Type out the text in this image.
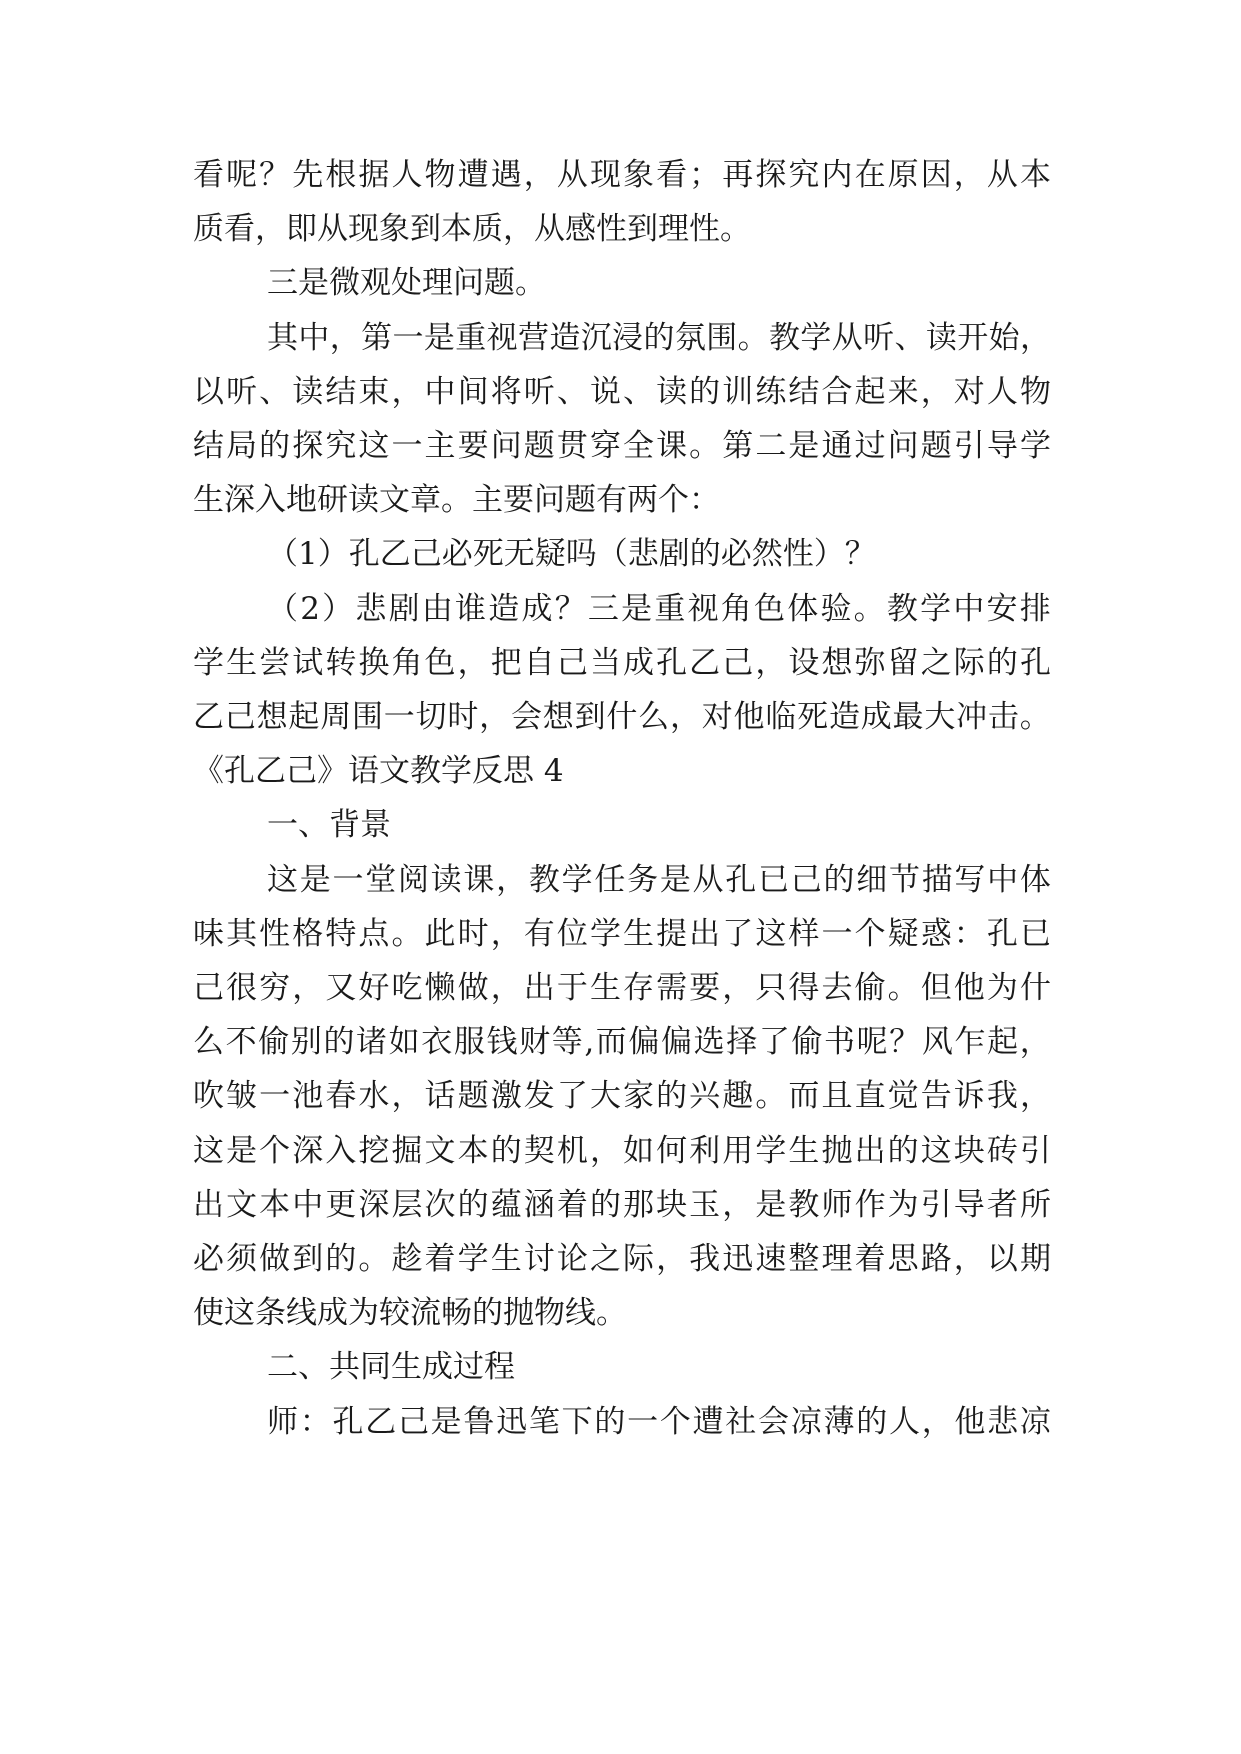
看 呢 ？ 先 根 据 人 物 遭 遇 ， 从 现 象 看 ； 再 探 究 内 在 原 因 ， 从 本
质看，即从现象到本质，从感性到理性。
三是微观处理问题。
其 中 ， 第 一 是 重 视 营 造 沉 浸 的 氛 围 。 教 学 从 听 、 读 开 始 ，
以 听 、 读 结 束 ， 中 间 将 听 、 说 、 读 的 训 练 结 合 起 来 ， 对 人 物
结 局 的 探 究 这 一 主 要 问 题 贯 穿 全 课 。 第 二 是 通 过 问 题 引 导 学
生深入地研读文章。主要问题有两个：
（1）孔乙己必死无疑吗（悲剧的必然性）？
（ 2 ） 悲 剧 由 谁 造 成 ？ 三 是 重 视 角 色 体 验 。 教 学 中 安 排
学 生 尝 试 转 换 角 色 ， 把 自 己 当 成 孔 乙 己 ， 设 想 弥 留 之 际 的 孔
乙 己 想 起 周 围 一 切 时 ， 会 想 到 什 么 ， 对 他 临 死 造 成 最 大 冲 击 。
《孔乙己》语文教学反思 4
一、背景
这 是 一 堂 阅 读 课 ， 教 学 任 务 是 从 孔 已 己 的 细 节 描 写 中 体
味 其 性 格 特 点 。 此 时 ， 有 位 学 生 提 出 了 这 样 一 个 疑 惑 ： 孔 已
己 很 穷 ， 又 好 吃 懒 做 ， 出 于 生 存 需 要 ， 只 得 去 偷 。 但 他 为 什
么 不 偷 别 的 诸 如 衣 服 钱 财 等 , 而 偏 偏 选 择 了 偷 书 呢 ？ 风 乍 起 ，
吹 皱 一 池 春 水 ， 话 题 激 发 了 大 家 的 兴 趣 。 而 且 直 觉 告 诉 我 ，
这 是 个 深 入 挖 掘 文 本 的 契 机 ， 如 何 利 用 学 生 抛 出 的 这 块 砖 引
出 文 本 中 更 深 层 次 的 蕴 涵 着 的 那 块 玉 ， 是 教 师 作 为 引 导 者 所
必 须 做 到 的 。 趁 着 学 生 讨 论 之 际 ， 我 迅 速 整 理 着 思 路 ， 以 期
使这条线成为较流畅的抛物线。
二、共同生成过程
师 ： 孔 乙 己 是 鲁 迅 笔 下 的 一 个 遭 社 会 凉 薄 的 人 ， 他 悲 凉
